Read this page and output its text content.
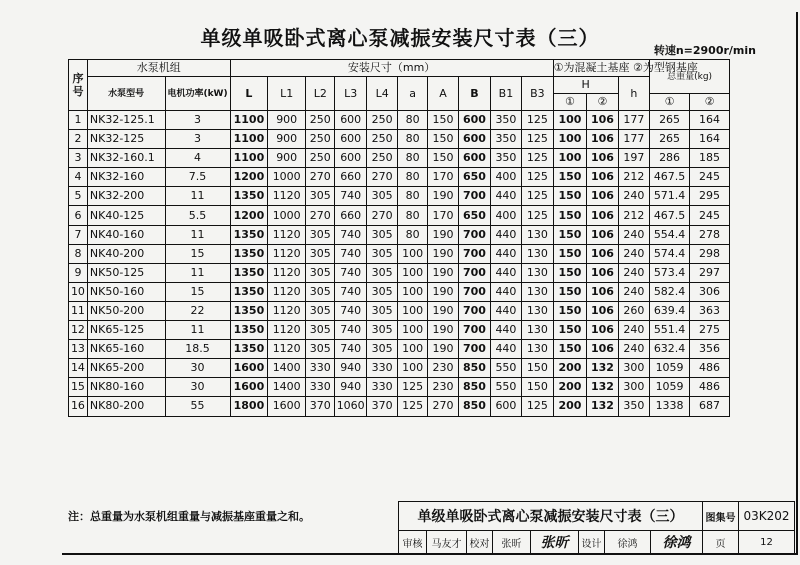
单级单吸卧式离心泵减振安装尺寸表（三）
转速n=2900r/min
序号	水泵机组		安装尺寸（mm）										①为混凝土基座 ②为型钢基座			总重量(kg)	
	水泵型号	电机功率(kW)	L	L1	L2	L3	L4	a	A	B	B1	B3	H		h		
													①	②		①	②
1	NK32-125.1	3	1100	900	250	600	250	80	150	600	350	125	100	106	177	265	164
2	NK32-125	3	1100	900	250	600	250	80	150	600	350	125	100	106	177	265	164
3	NK32-160.1	4	1100	900	250	600	250	80	150	600	350	125	100	106	197	286	185
4	NK32-160	7.5	1200	1000	270	660	270	80	170	650	400	125	150	106	212	467.5	245
5	NK32-200	11	1350	1120	305	740	305	80	190	700	440	125	150	106	240	571.4	295
6	NK40-125	5.5	1200	1000	270	660	270	80	170	650	400	125	150	106	212	467.5	245
7	NK40-160	11	1350	1120	305	740	305	80	190	700	440	130	150	106	240	554.4	278
8	NK40-200	15	1350	1120	305	740	305	100	190	700	440	130	150	106	240	574.4	298
9	NK50-125	11	1350	1120	305	740	305	100	190	700	440	130	150	106	240	573.4	297
10	NK50-160	15	1350	1120	305	740	305	100	190	700	440	130	150	106	240	582.4	306
11	NK50-200	22	1350	1120	305	740	305	100	190	700	440	130	150	106	260	639.4	363
12	NK65-125	11	1350	1120	305	740	305	100	190	700	440	130	150	106	240	551.4	275
13	NK65-160	18.5	1350	1120	305	740	305	100	190	700	440	130	150	106	240	632.4	356
14	NK65-200	30	1600	1400	330	940	330	100	230	850	550	150	200	132	300	1059	486
15	NK80-160	30	1600	1400	330	940	330	125	230	850	550	150	200	132	300	1059	486
16	NK80-200	55	1800	1600	370	1060	370	125	270	850	600	125	200	132	350	1338	687
注：总重量为水泵机组重量与减振基座重量之和。	单级单吸卧式离心泵减振安装尺寸表（三）								图集号	03K202
审核	马友才	校对	张昕	张昕	设计	徐鸿	徐鸿	页	12
